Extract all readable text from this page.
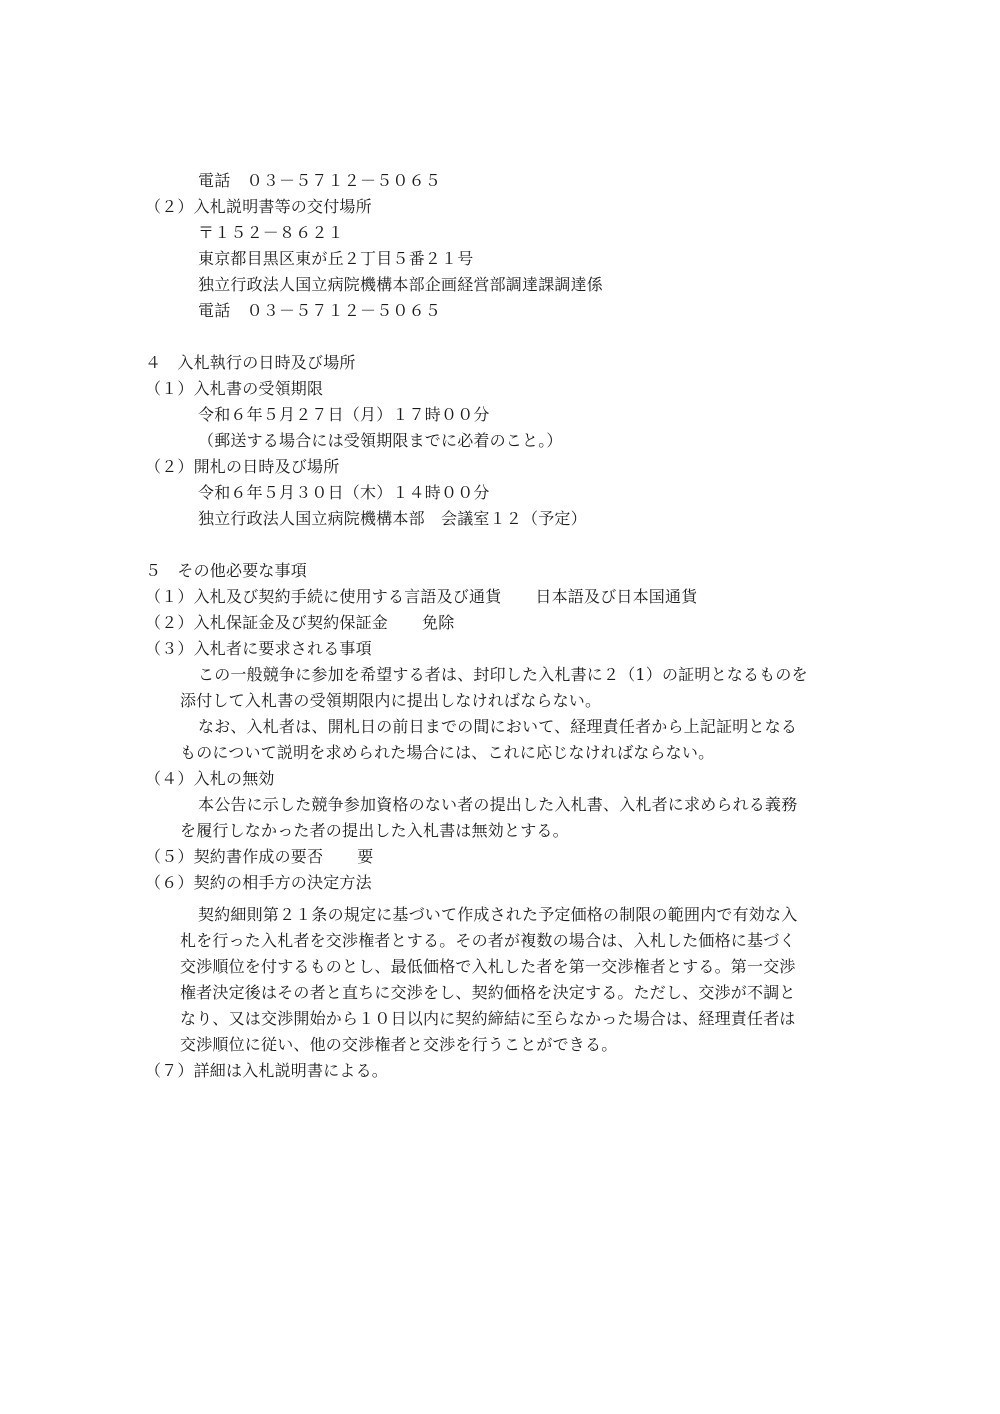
電話　０３－５７１２－５０６５
（２）入札説明書等の交付場所
〒１５２－８６２１
東京都目黒区東が丘２丁目５番２１号
独立行政法人国立病院機構本部企画経営部調達課調達係
電話　０３－５７１２－５０６５
４　入札執行の日時及び場所
（１）入札書の受領期限
令和６年５月２７日（月）１７時００分
（郵送する場合には受領期限までに必着のこと。）
（２）開札の日時及び場所
令和６年５月３０日（木）１４時００分
独立行政法人国立病院機構本部　会議室１２（予定）
５　その他必要な事項
（１）入札及び契約手続に使用する言語及び通貨 日本語及び日本国通貨
（２）入札保証金及び契約保証金 免除
（３）入札者に要求される事項
この一般競争に参加を希望する者は、封印した入札書に２（1）の証明となるものを
添付して入札書の受領期限内に提出しなければならない。
なお、入札者は、開札日の前日までの間において、経理責任者から上記証明となる
ものについて説明を求められた場合には、これに応じなければならない。
（４）入札の無効
本公告に示した競争参加資格のない者の提出した入札書、入札者に求められる義務
を履行しなかった者の提出した入札書は無効とする。
（５）契約書作成の要否 要
（６）契約の相手方の決定方法
契約細則第２１条の規定に基づいて作成された予定価格の制限の範囲内で有効な入
札を行った入札者を交渉権者とする。その者が複数の場合は、入札した価格に基づく
交渉順位を付するものとし、最低価格で入札した者を第一交渉権者とする。第一交渉
権者決定後はその者と直ちに交渉をし、契約価格を決定する。ただし、交渉が不調と
なり、又は交渉開始から１０日以内に契約締結に至らなかった場合は、経理責任者は
交渉順位に従い、他の交渉権者と交渉を行うことができる。
（７）詳細は入札説明書による。
